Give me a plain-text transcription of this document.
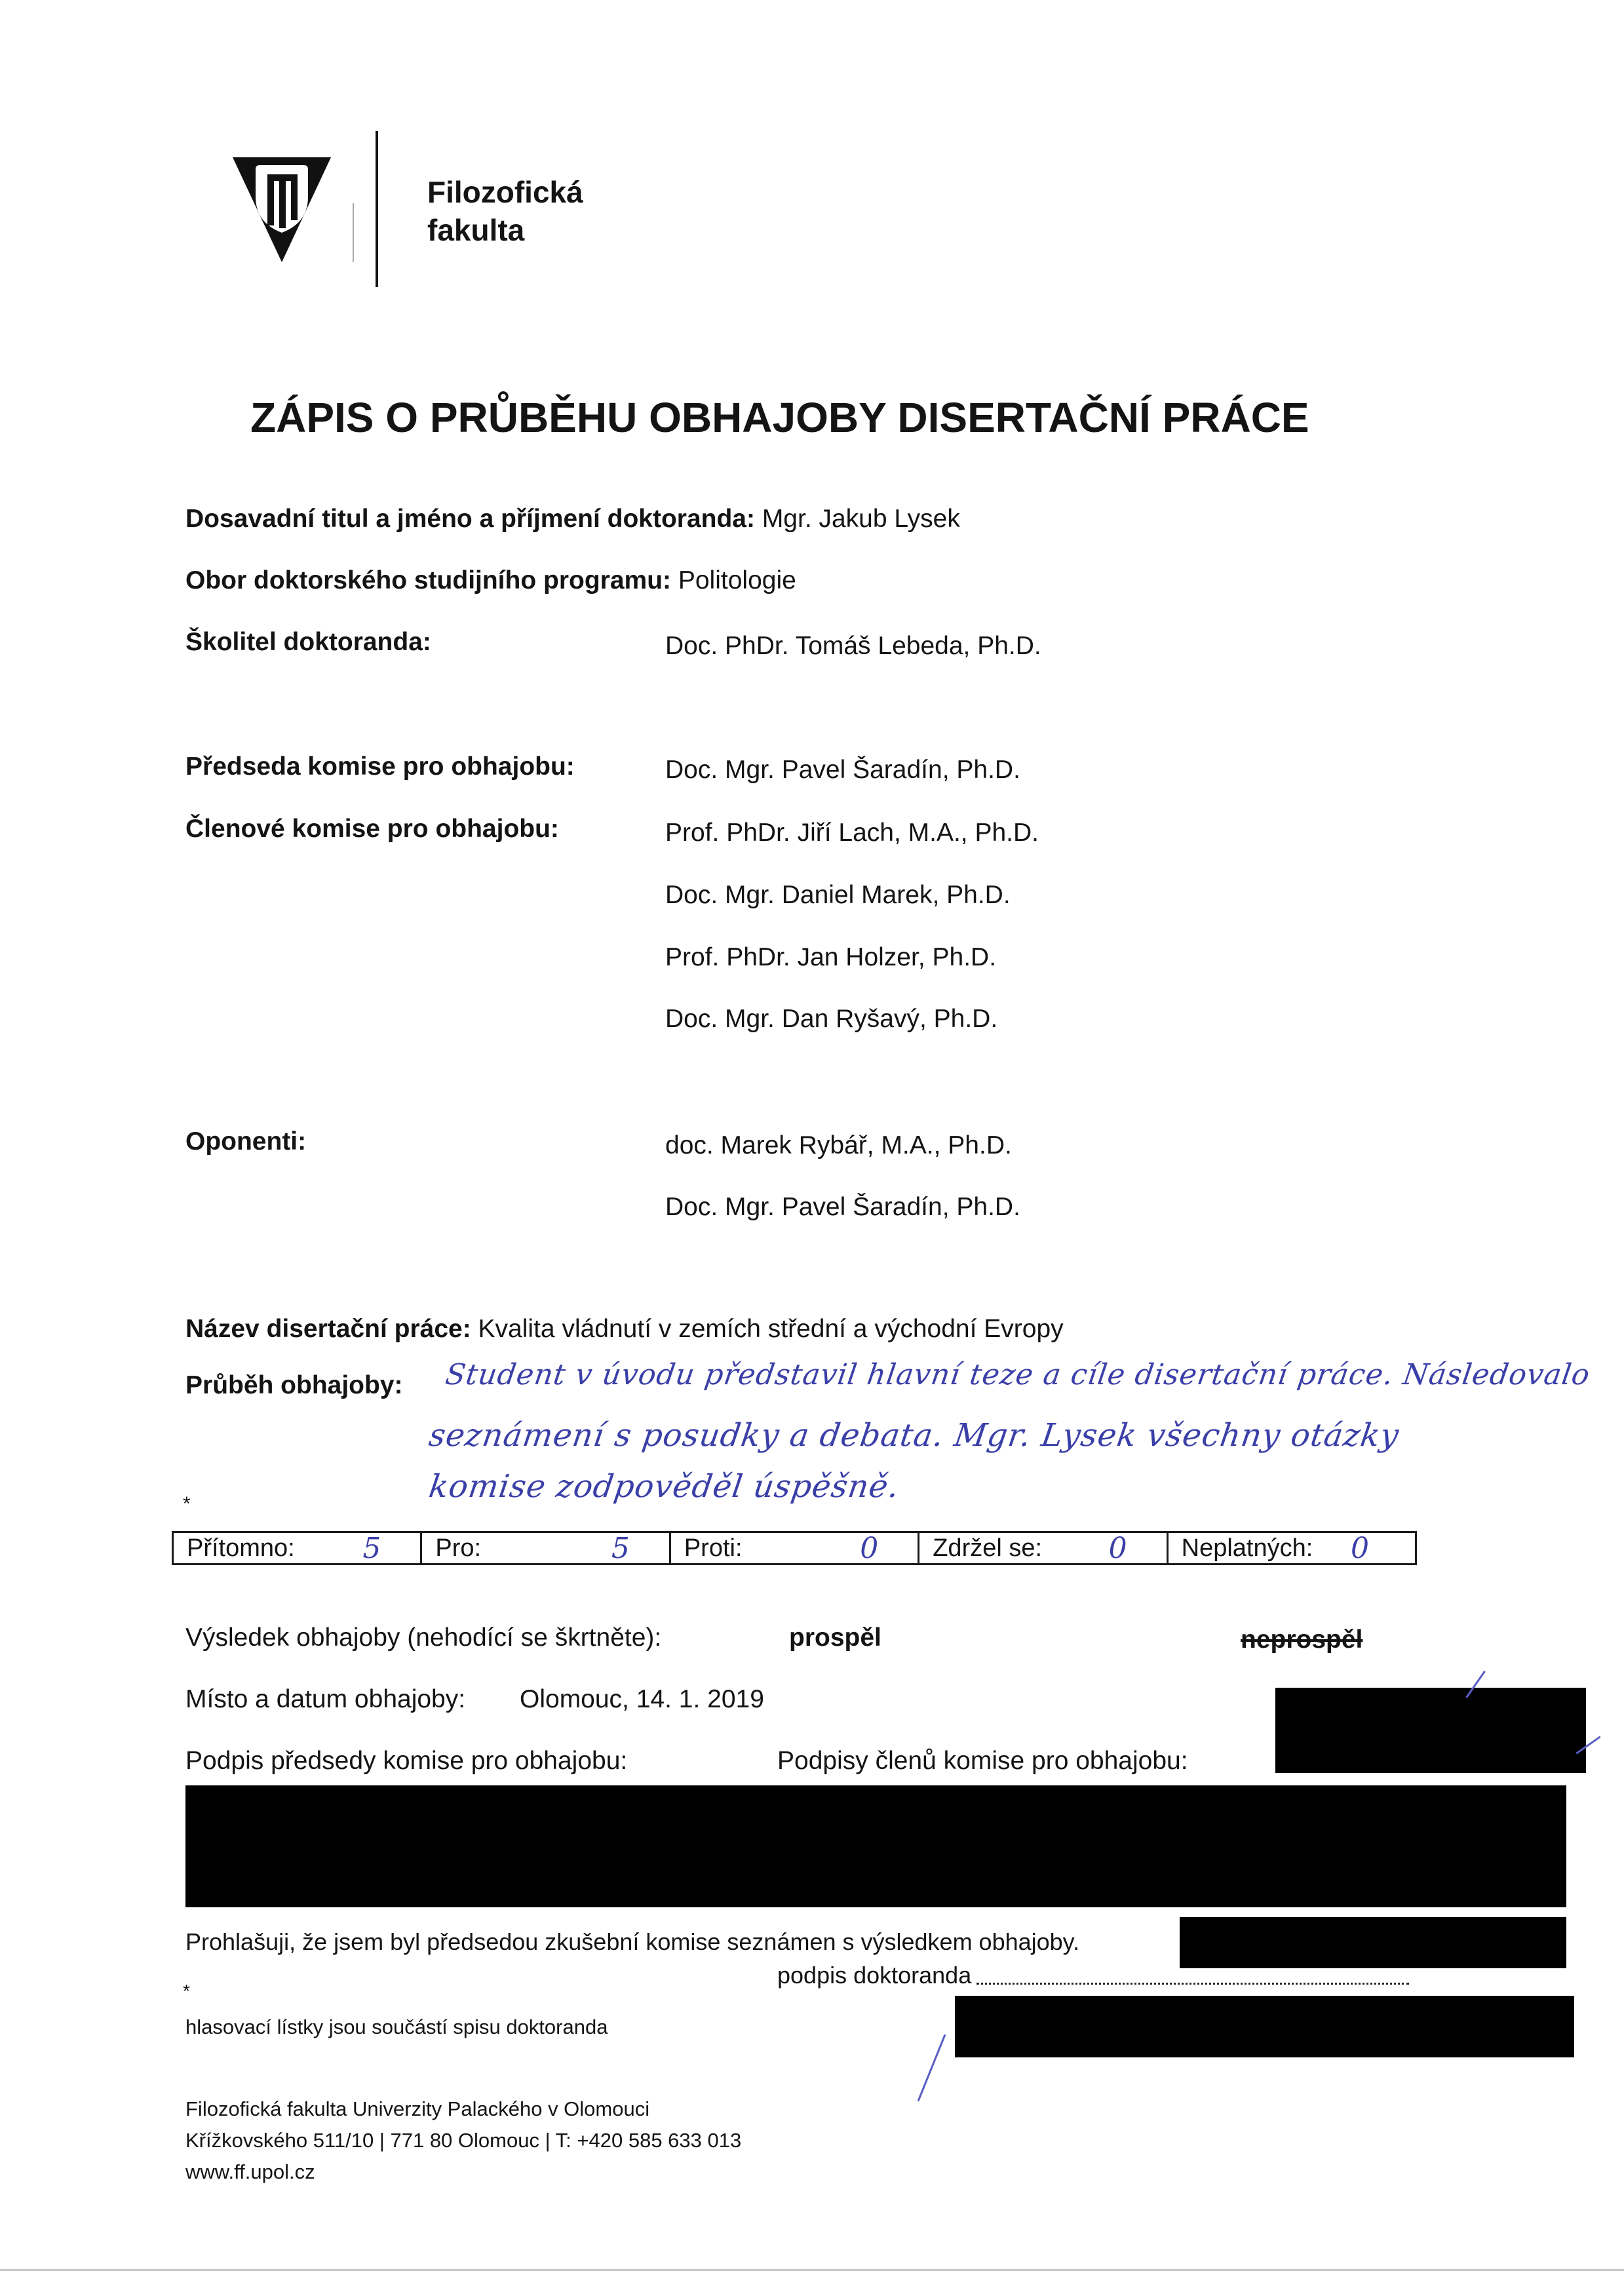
Filozofická
fakulta
ZÁPIS O PRŮBĚHU OBHAJOBY DISERTAČNÍ PRÁCE
Dosavadní titul a jméno a příjmení doktoranda: Mgr. Jakub Lysek
Obor doktorského studijního programu: Politologie
Školitel doktoranda:	Doc. PhDr. Tomáš Lebeda, Ph.D.
Předseda komise pro obhajobu:	Doc. Mgr. Pavel Šaradín, Ph.D.
Členové komise pro obhajobu:	Prof. PhDr. Jiří Lach, M.A., Ph.D.
Doc. Mgr. Daniel Marek, Ph.D.
Prof. PhDr. Jan Holzer, Ph.D.
Doc. Mgr. Dan Ryšavý, Ph.D.
Oponenti:	doc. Marek Rybář, M.A., Ph.D.
Doc. Mgr. Pavel Šaradín, Ph.D.
Název disertační práce: Kvalita vládnutí v zemích střední a východní Evropy
Průběh obhajoby: Student v úvodu představil hlavní teze a cíle disertační práce. Následovalo
seznámení s posudky a debata. Mgr. Lysek všechny otázky
komise zodpověděl úspěšně.
*
Přítomno: 5 Pro:	5 Proti:	0 Zdržel se: 0 Neplatných: 0
Výsledek obhajoby (nehodící se škrtněte):	prospěl	neprospěl
Místo a datum obhajoby: Olomouc, 14. 1. 2019
Podpis předsedy komise pro obhajobu:	Podpisy členů komise pro obhajobu:
Prohlašuji, že jsem byl předsedou zkušební komise seznámen s výsledkem obhajoby.
podpis doktoranda
*
hlasovací lístky jsou součástí spisu doktoranda
Filozofická fakulta Univerzity Palackého v Olomouci
Křížkovského 511/10 | 771 80 Olomouc | T: +420 585 633 013
www.ff.upol.cz
